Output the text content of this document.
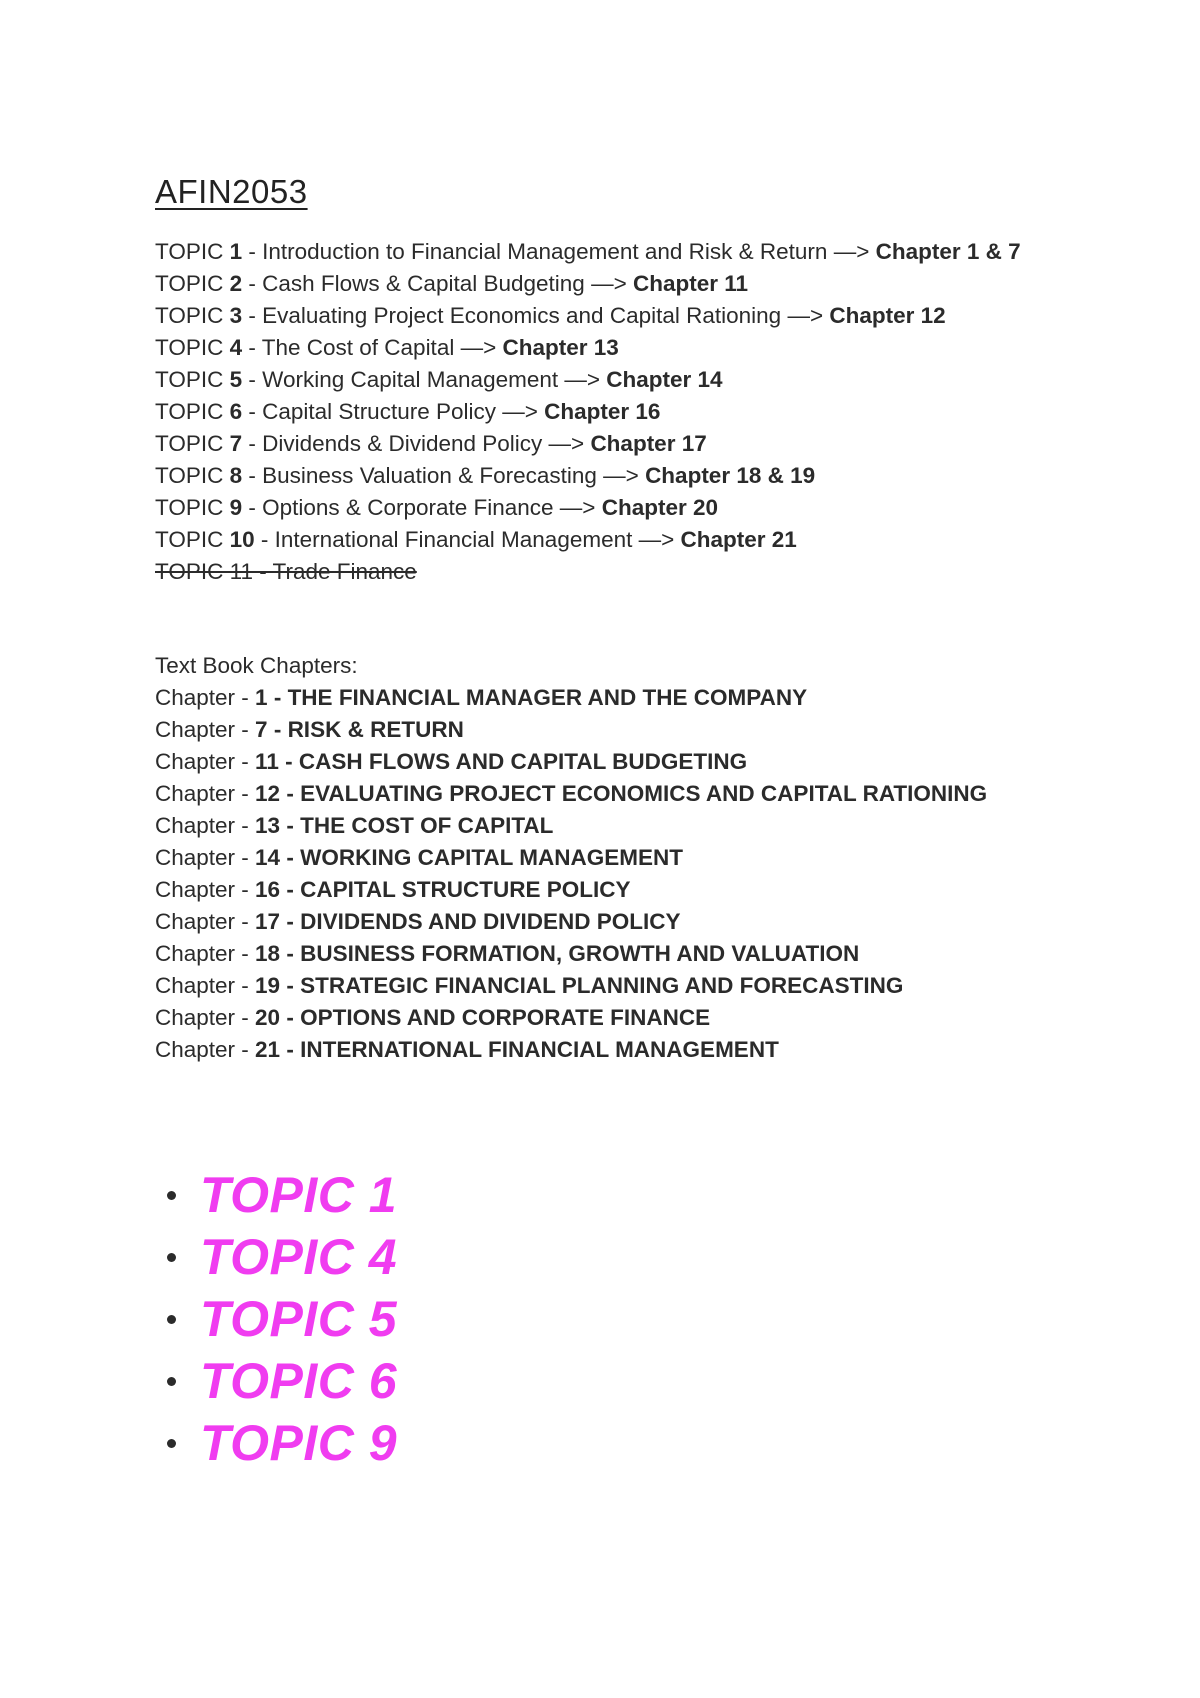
AFIN2053
TOPIC 1 - Introduction to Financial Management and Risk & Return —> Chapter 1 & 7
TOPIC 2 - Cash Flows & Capital Budgeting —> Chapter 11
TOPIC 3 - Evaluating Project Economics and Capital Rationing —> Chapter 12
TOPIC 4 - The Cost of Capital —> Chapter 13
TOPIC 5 - Working Capital Management —> Chapter 14
TOPIC 6 - Capital Structure Policy —> Chapter 16
TOPIC 7 - Dividends & Dividend Policy —> Chapter 17
TOPIC 8 - Business Valuation & Forecasting —> Chapter 18 & 19
TOPIC 9 - Options & Corporate Finance —> Chapter 20
TOPIC 10 - International Financial Management —> Chapter 21
TOPIC 11 - Trade Finance
Text Book Chapters:
Chapter - 1 - THE FINANCIAL MANAGER AND THE COMPANY
Chapter - 7 - RISK & RETURN
Chapter - 11 - CASH FLOWS AND CAPITAL BUDGETING
Chapter - 12 - EVALUATING PROJECT ECONOMICS AND CAPITAL RATIONING
Chapter - 13 - THE COST OF CAPITAL
Chapter - 14 - WORKING CAPITAL MANAGEMENT
Chapter - 16 - CAPITAL STRUCTURE POLICY
Chapter - 17 - DIVIDENDS AND DIVIDEND POLICY
Chapter - 18 - BUSINESS FORMATION, GROWTH AND VALUATION
Chapter - 19 - STRATEGIC FINANCIAL PLANNING AND FORECASTING
Chapter - 20 - OPTIONS AND CORPORATE FINANCE
Chapter - 21 - INTERNATIONAL FINANCIAL MANAGEMENT
TOPIC 1
TOPIC 4
TOPIC 5
TOPIC 6
TOPIC 9
